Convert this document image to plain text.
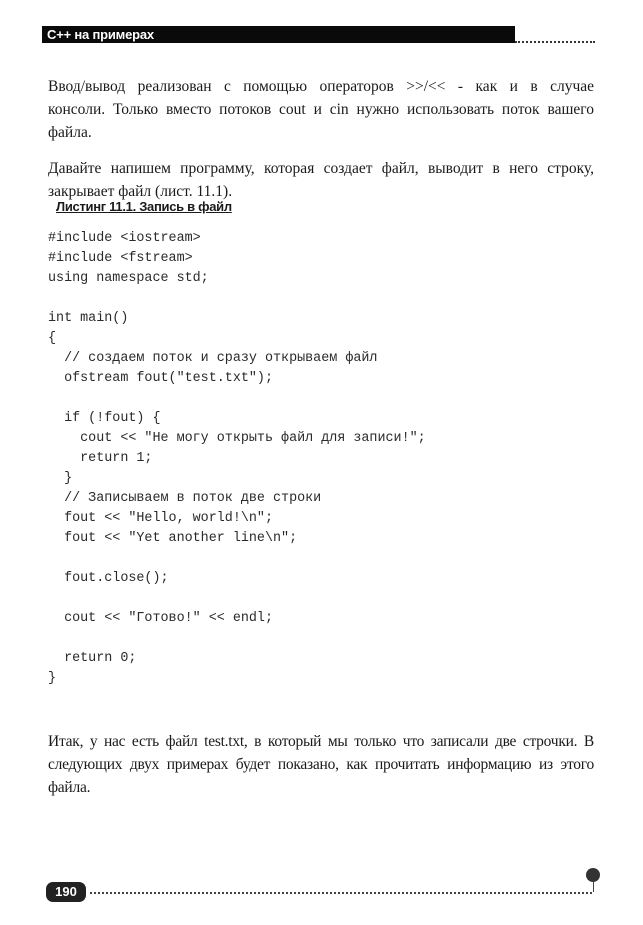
C++ на примерах

Ввод/вывод реализован с помощью операторов >>/<< - как и в случае консоли. Только вместо потоков cout и cin нужно использовать поток вашего файла.

Давайте напишем программу, которая создает файл, выводит в него строку, закрывает файл (лист. 11.1).

Листинг 11.1. Запись в файл
#include <iostream>
#include <fstream>
using namespace std;
int main()
{
// создаем поток и сразу открываем файл
ofstream fout("test.txt");
if (!fout) {
cout << "Не могу открыть файл для записи!";
return 1;
}
// Записываем в поток две строки
fout << "Hello, world!\n";
fout << "Yet another line\n";
fout.close();
cout << "Готово!" << endl;
return 0;
}

Итак, у нас есть файл test.txt, в который мы только что записали две строчки. В следующих двух примерах будет показано, как прочитать информацию из этого файла.

190
